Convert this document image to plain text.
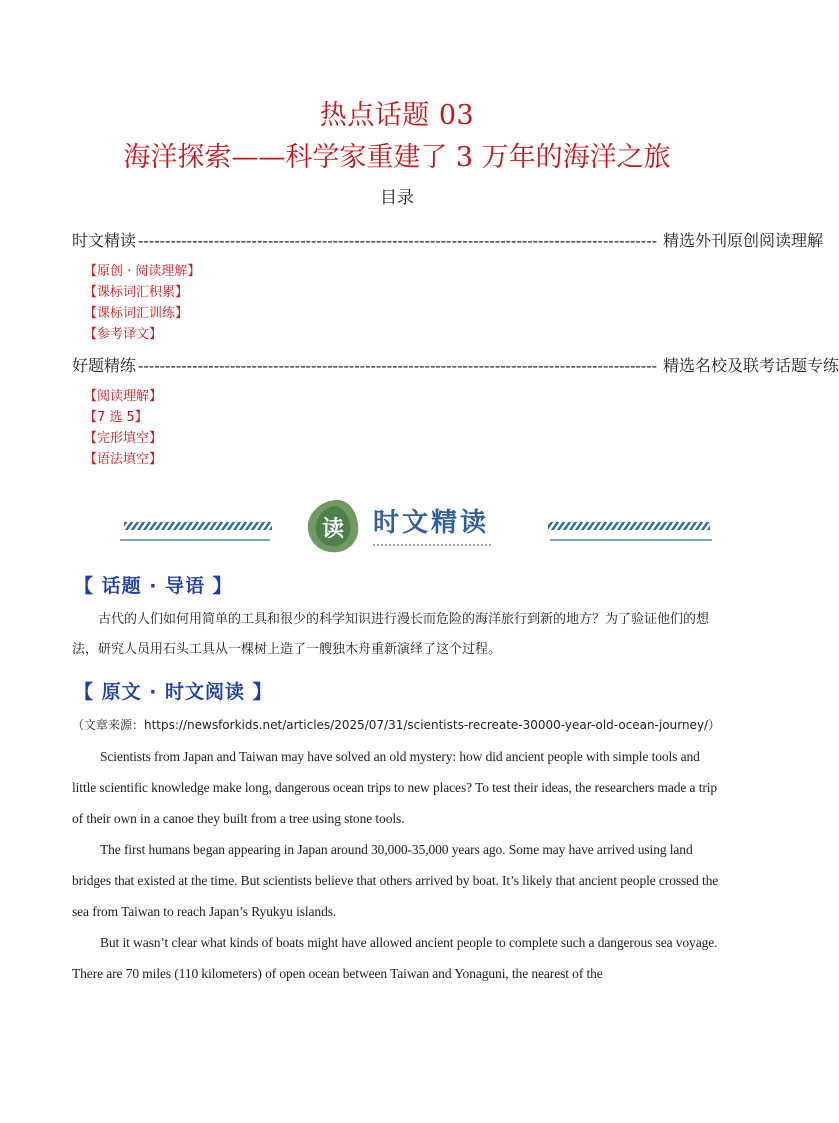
热点话题 03
海洋探索——科学家重建了 3 万年的海洋之旅
目录
时文精读 ------------------------------------------------------------------------------------------------ 精选外刊原创阅读理解
【原创 · 阅读理解】
【课标词汇积累】
【课标词汇训练】
【参考译文】
好题精练 ------------------------------------------------------------------------------------------------ 精选名校及联考话题专练
【阅读理解】
【7 选 5】
【完形填空】
【语法填空】
读 时文精读
【 话题 · 导语 】

古代的人们如何用简单的工具和很少的科学知识进行漫长而危险的海洋旅行到新的地方？为了验证他们的想法，研究人员用石头工具从一棵树上造了一艘独木舟重新演绎了这个过程。

【 原文 · 时文阅读 】
（文章来源：https://newsforkids.net/articles/2025/07/31/scientists-recreate-30000-year-old-ocean-journey/）

Scientists from Japan and Taiwan may have solved an old mystery: how did ancient people with simple tools and little scientific knowledge make long, dangerous ocean trips to new places? To test their ideas, the researchers made a trip of their own in a canoe they built from a tree using stone tools.

The first humans began appearing in Japan around 30,000-35,000 years ago. Some may have arrived using land bridges that existed at the time. But scientists believe that others arrived by boat. It’s likely that ancient people crossed the sea from Taiwan to reach Japan’s Ryukyu islands.

But it wasn’t clear what kinds of boats might have allowed ancient people to complete such a dangerous sea voyage. There are 70 miles (110 kilometers) of open ocean between Taiwan and Yonaguni, the nearest of the
